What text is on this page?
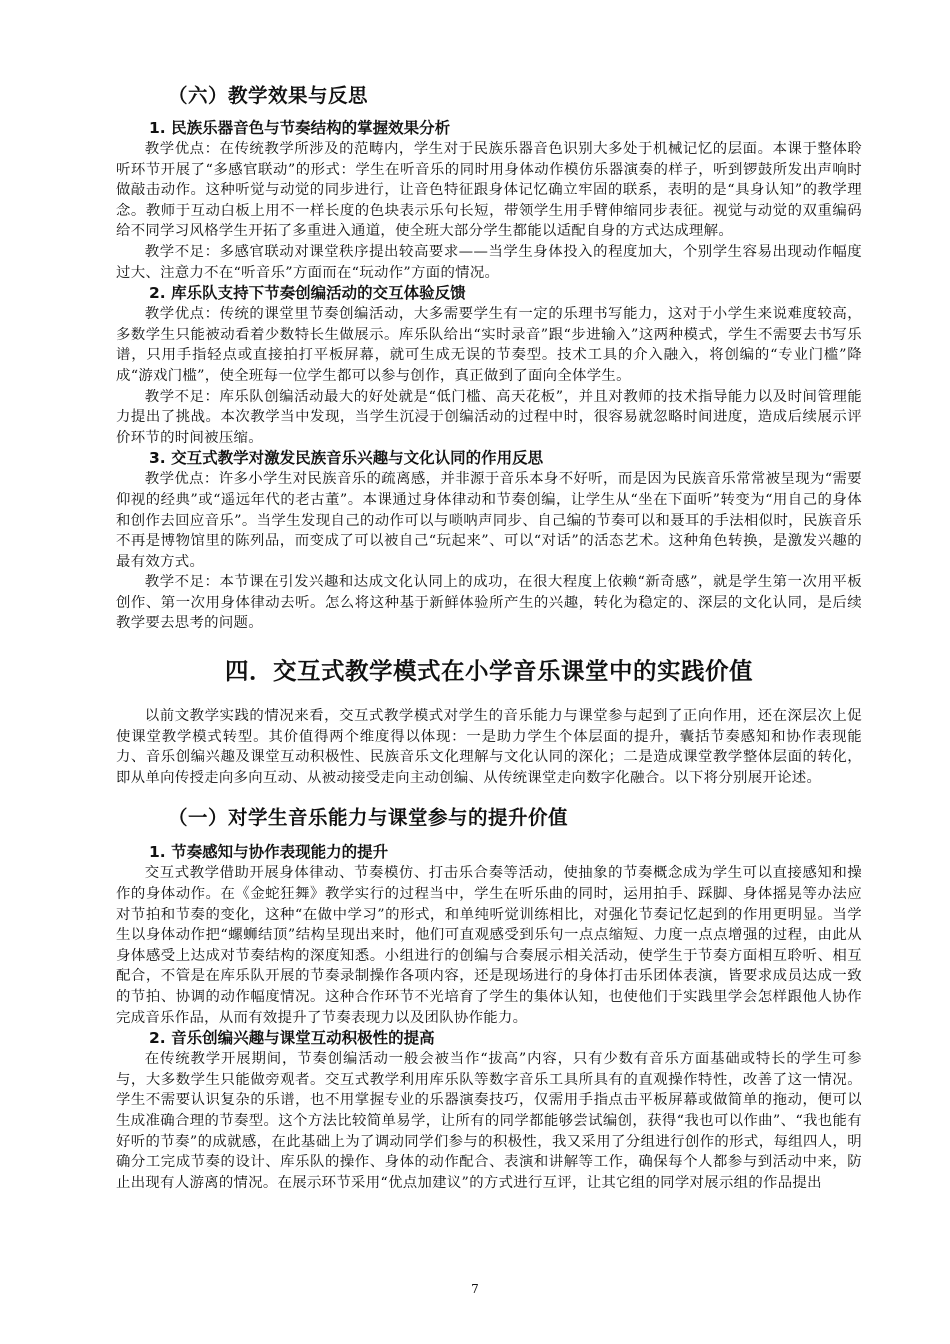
（六）教学效果与反思
1. 民族乐器音色与节奏结构的掌握效果分析

教学优点：在传统教学所涉及的范畴内，学生对于民族乐器音色识别大多处于机械记忆的层面。本课于整体聆听环节开展了“多感官联动”的形式：学生在听音乐的同时用身体动作模仿乐器演奏的样子，听到锣鼓所发出声响时做敲击动作。这种听觉与动觉的同步进行，让音色特征跟身体记忆确立牢固的联系，表明的是“具身认知”的教学理念。教师于互动白板上用不一样长度的色块表示乐句长短，带领学生用手臂伸缩同步表征。视觉与动觉的双重编码给不同学习风格学生开拓了多重进入通道，使全班大部分学生都能以适配自身的方式达成理解。

教学不足：多感官联动对课堂秩序提出较高要求——当学生身体投入的程度加大，个别学生容易出现动作幅度过大、注意力不在“听音乐”方面而在“玩动作”方面的情况。

2. 库乐队支持下节奏创编活动的交互体验反馈

教学优点：传统的课堂里节奏创编活动，大多需要学生有一定的乐理书写能力，这对于小学生来说难度较高，多数学生只能被动看着少数特长生做展示。库乐队给出“实时录音”跟“步进输入”这两种模式，学生不需要去书写乐谱，只用手指轻点或直接拍打平板屏幕，就可生成无误的节奏型。技术工具的介入融入，将创编的“专业门槛”降成“游戏门槛”，使全班每一位学生都可以参与创作，真正做到了面向全体学生。

教学不足：库乐队创编活动最大的好处就是“低门槛、高天花板”，并且对教师的技术指导能力以及时间管理能力提出了挑战。本次教学当中发现，当学生沉浸于创编活动的过程中时，很容易就忽略时间进度，造成后续展示评价环节的时间被压缩。

3. 交互式教学对激发民族音乐兴趣与文化认同的作用反思

教学优点：许多小学生对民族音乐的疏离感，并非源于音乐本身不好听，而是因为民族音乐常常被呈现为“需要仰视的经典”或“遥远年代的老古董”。本课通过身体律动和节奏创编，让学生从“坐在下面听”转变为“用自己的身体和创作去回应音乐”。当学生发现自己的动作可以与唢呐声同步、自己编的节奏可以和聂耳的手法相似时，民族音乐不再是博物馆里的陈列品，而变成了可以被自己“玩起来”、可以“对话”的活态艺术。这种角色转换，是激发兴趣的最有效方式。

教学不足：本节课在引发兴趣和达成文化认同上的成功，在很大程度上依赖“新奇感”，就是学生第一次用平板创作、第一次用身体律动去听。怎么将这种基于新鲜体验所产生的兴趣，转化为稳定的、深层的文化认同，是后续教学要去思考的问题。

四．交互式教学模式在小学音乐课堂中的实践价值

以前文教学实践的情况来看，交互式教学模式对学生的音乐能力与课堂参与起到了正向作用，还在深层次上促使课堂教学模式转型。其价值得两个维度得以体现：一是助力学生个体层面的提升，囊括节奏感知和协作表现能力、音乐创编兴趣及课堂互动积极性、民族音乐文化理解与文化认同的深化；二是造成课堂教学整体层面的转化，即从单向传授走向多向互动、从被动接受走向主动创编、从传统课堂走向数字化融合。以下将分别展开论述。

（一）对学生音乐能力与课堂参与的提升价值
1. 节奏感知与协作表现能力的提升

交互式教学借助开展身体律动、节奏模仿、打击乐合奏等活动，使抽象的节奏概念成为学生可以直接感知和操作的身体动作。在《金蛇狂舞》教学实行的过程当中，学生在听乐曲的同时，运用拍手、踩脚、身体摇晃等办法应对节拍和节奏的变化，这种“在做中学习”的形式，和单纯听觉训练相比，对强化节奏记忆起到的作用更明显。当学生以身体动作把“螺蛳结顶”结构呈现出来时，他们可直观感受到乐句一点点缩短、力度一点点增强的过程，由此从身体感受上达成对节奏结构的深度知悉。小组进行的创编与合奏展示相关活动，使学生于节奏方面相互聆听、相互配合，不管是在库乐队开展的节奏录制操作各项内容，还是现场进行的身体打击乐团体表演，皆要求成员达成一致的节拍、协调的动作幅度情况。这种合作环节不光培育了学生的集体认知，也使他们于实践里学会怎样跟他人协作完成音乐作品，从而有效提升了节奏表现力以及团队协作能力。

2. 音乐创编兴趣与课堂互动积极性的提高

在传统教学开展期间，节奏创编活动一般会被当作“拔高”内容，只有少数有音乐方面基础或特长的学生可参与，大多数学生只能做旁观者。交互式教学利用库乐队等数字音乐工具所具有的直观操作特性，改善了这一情况。学生不需要认识复杂的乐谱，也不用掌握专业的乐器演奏技巧，仅需用手指点击平板屏幕或做简单的拖动，便可以生成准确合理的节奏型。这个方法比较简单易学，让所有的同学都能够尝试编创，获得“我也可以作曲”、“我也能有好听的节奏”的成就感，在此基础上为了调动同学们参与的积极性，我又采用了分组进行创作的形式，每组四人，明确分工完成节奏的设计、库乐队的操作、身体的动作配合、表演和讲解等工作，确保每个人都参与到活动中来，防止出现有人游离的情况。在展示环节采用“优点加建议”的方式进行互评，让其它组的同学对展示组的作品提出

7
